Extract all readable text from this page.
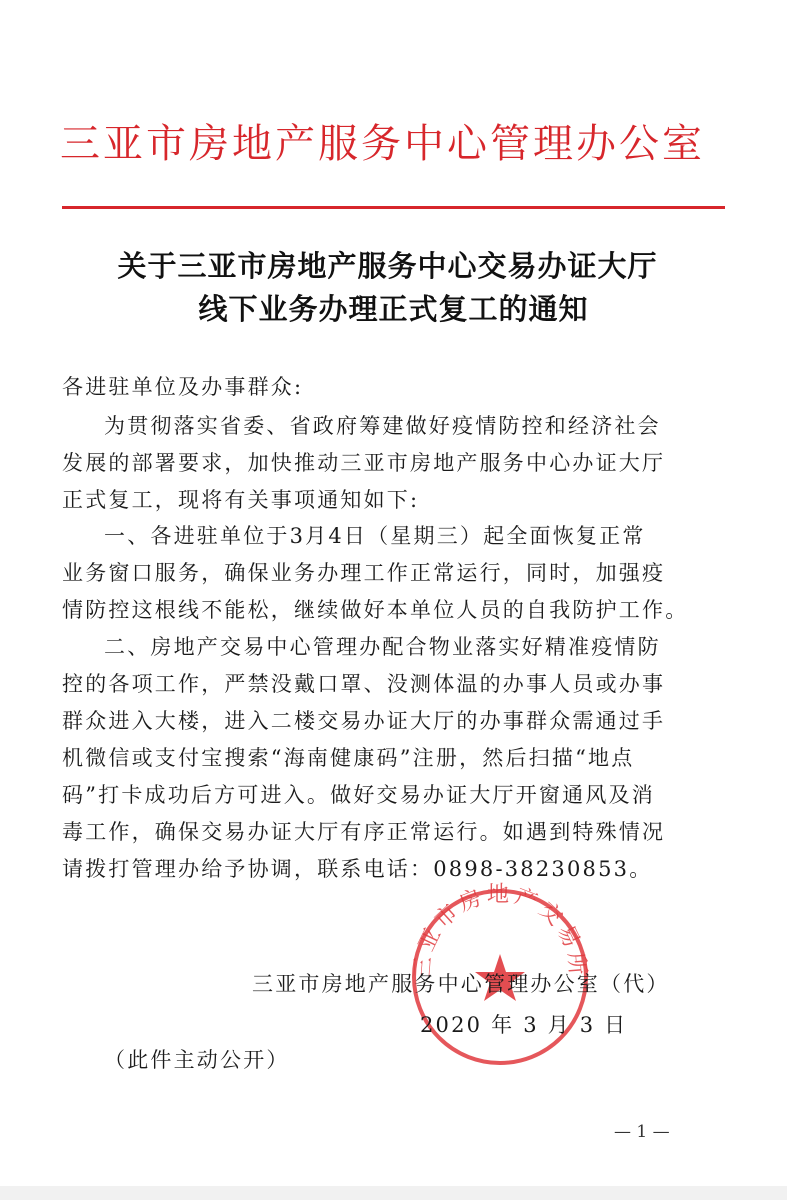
三亚市房地产服务中心管理办公室
关于三亚市房地产服务中心交易办证大厅
线下业务办理正式复工的通知
各进驻单位及办事群众:
为贯彻落实省委、省政府筹建做好疫情防控和经济社会
发展的部署要求，加快推动三亚市房地产服务中心办证大厅
正式复工，现将有关事项通知如下:
一、各进驻单位于3月4日（星期三）起全面恢复正常
业务窗口服务，确保业务办理工作正常运行，同时，加强疫
情防控这根线不能松，继续做好本单位人员的自我防护工作。
二、房地产交易中心管理办配合物业落实好精准疫情防
控的各项工作，严禁没戴口罩、没测体温的办事人员或办事
群众进入大楼，进入二楼交易办证大厅的办事群众需通过手
机微信或支付宝搜索“海南健康码”注册，然后扫描“地点
码”打卡成功后方可进入。做好交易办证大厅开窗通风及消
毒工作，确保交易办证大厅有序正常运行。如遇到特殊情况
请拨打管理办给予协调，联系电话：0898-38230853。
三亚市房地产交易所
三亚市房地产服务中心管理办公室（代）
2020 年 3 月 3 日
（此件主动公开）
— 1 —
